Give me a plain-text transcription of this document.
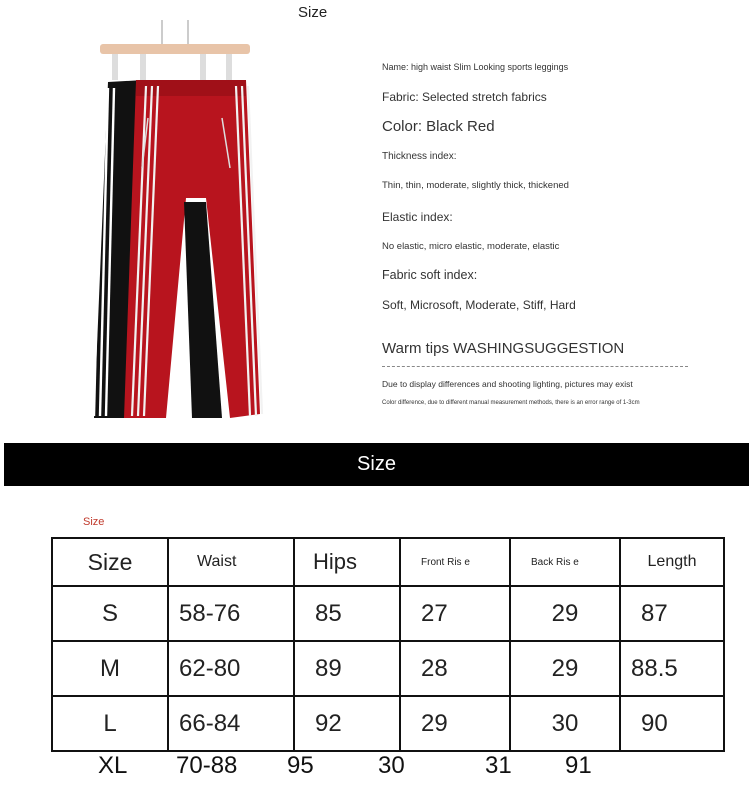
Size
Name: high waist Slim Looking sports leggings
Fabric: Selected stretch fabrics
Color: Black Red
Thickness index:
Thin, thin, moderate, slightly thick, thickened
Elastic index:
No elastic, micro elastic, moderate, elastic
Fabric soft index:
Soft, Microsoft, Moderate, Stiff, Hard
Warm tips WASHINGSUGGESTION
Due to display differences and shooting lighting, pictures may exist
Color difference, due to different manual measurement methods, there is an error range of 1-3cm
Size
Size
Size	Waist	Hips	Front Ris e	Back Ris e	Length
S	58-76	85	27	29	87
M	62-80	89	28	29	88.5
L	66-84	92	29	30	90
XL 70-88 95	30	31 91
